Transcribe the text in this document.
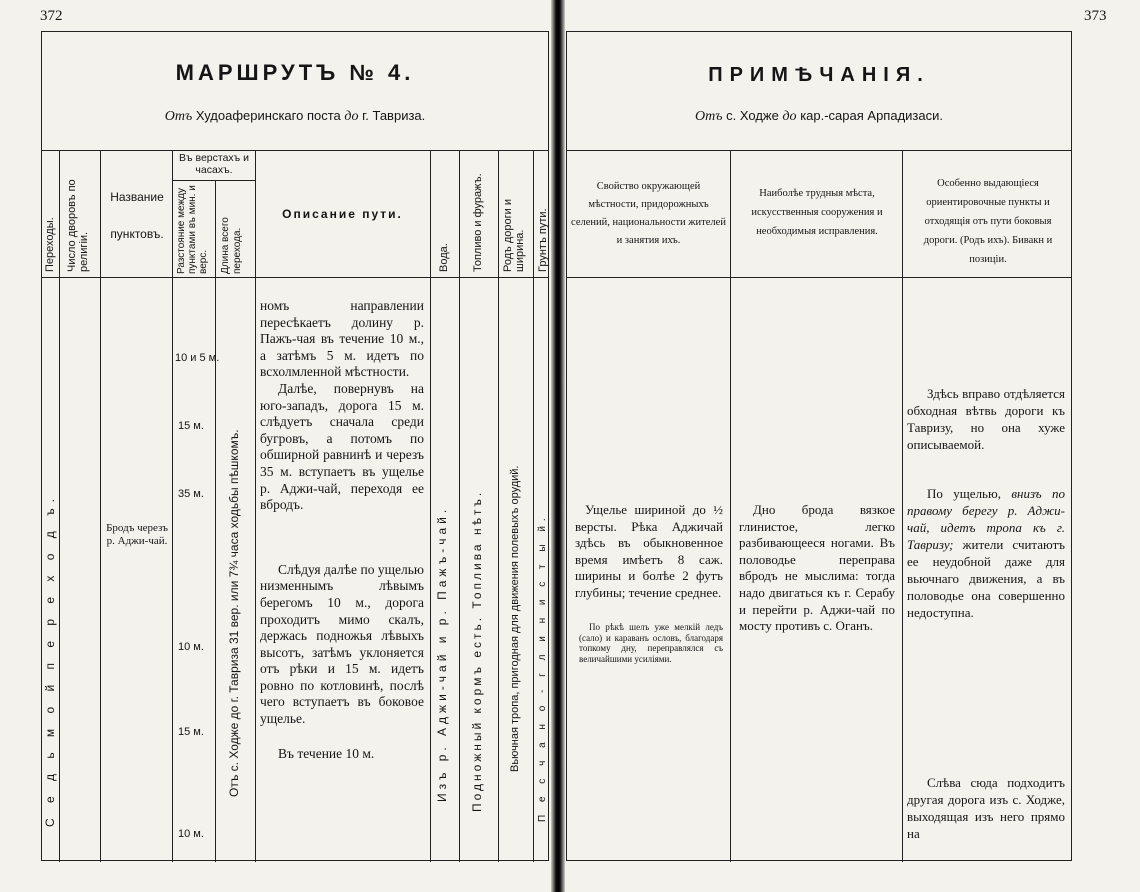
372
МАРШРУТЪ № 4.
Отъ Худоаферинскаго поста до г. Тавриза.
Переходы. Число дворовъ по религіи.
Название
пунктовъ.
Въ верстахъ и часахъ.
Разстояние между пунктами въ мин. и верс. Длина всего перехода.
Описание пути.
Вода. Топливо и фуражъ. Родъ дороги и ширина. Грунтъ пути.
С е д ь м о й п е р е х о д ъ.	Бродъ черезъ р. Аджи-чай.
10 и 5 м.
15 м.
35 м.
10 м.
15 м.
10 м.
Отъ с. Ходже до г. Тавриза 31 вер. или 7¾ часа ходьбы пѣшкомъ.
номъ направлении пересѣкаетъ долину р. Пажъ-чая въ течение 10 м., а затѣмъ 5 м. идетъ по всхолмленной мѣстности.
Далѣе, повернувъ на юго-западъ, дорога 15 м. слѣдуетъ сначала среди бугровъ, а потомъ по обширной равнинѣ и черезъ 35 м. вступаетъ въ ущелье р. Аджи-чай, переходя ее вбродъ.
Слѣдуя далѣе по ущелью низменнымъ лѣвымъ берегомъ 10 м., дорога проходитъ мимо скалъ, держась подножья лѣвыхъ высотъ, затѣмъ уклоняется отъ рѣки и 15 м. идетъ ровно по котловинѣ, послѣ чего вступаетъ въ боковое ущелье.
Въ течение 10 м.	Изъ р. Аджи-чай и р. Пажъ-чай. Подножный кормъ есть. Топлива нѣтъ. Вьючная тропа, пригодная для движения полевыхъ орудий. П е с ч а н о - г л и н и с т ы й.
373
ПРИМѢЧАНІЯ.
Отъ с. Ходже до кар.-сарая Арпадизаси.
Свойство окружающей мѣстности, придорожныхъ селений, национальности жителей и занятия ихъ.
Наиболѣе трудныя мѣста, искусственныя сооружения и необходимыя исправления.
Особенно выдающiеся ориентировочные пункты и отходящiя отъ пути боковыя дороги. (Родъ ихъ). Бивакн и позицiи.
Ущелье шириной до ½ версты. Рѣка Аджичай здѣсь въ обыкновенное время имѣетъ 8 саж. ширины и болѣе 2 футъ глубины; течение среднее.
По рѣкѣ шелъ уже мелкій ледъ (сало) и караванъ ословъ, благодаря топкому дну, переправлялся съ величайшими усиліями.
Дно брода вязкое глинистое, легко разбивающееся ногами. Въ половодье переправа вбродъ не мыслима: тогда надо двигаться къ г. Серабу и перейти р. Аджи-чай по мосту противъ с. Оганъ.
Здѣсь вправо отдѣляется обходная вѣтвь дороги къ Тавризу, но она хуже описываемой.
По ущелью, внизъ по правому берегу р. Аджи-чай, идетъ тропа къ г. Тавризу; жители считаютъ ее неудобной даже для вьючнаго движения, а въ половодье она совершенно недоступна.
Слѣва сюда подходитъ другая дорога изъ с. Ходже, выходящая изъ него прямо на
